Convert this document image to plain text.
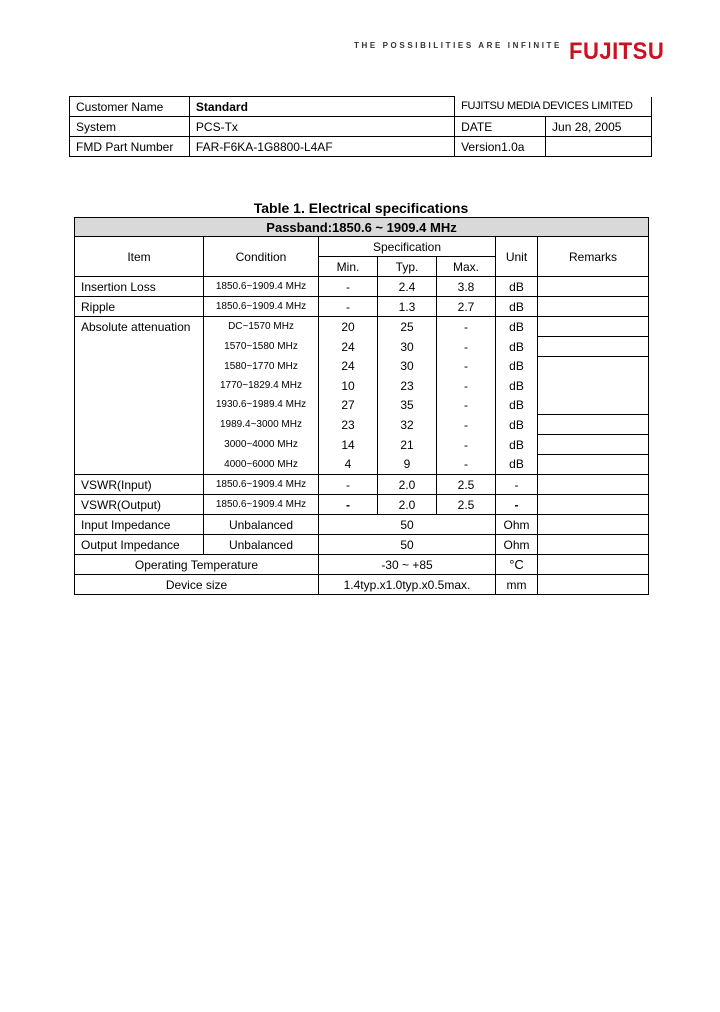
THE POSSIBILITIES ARE INFINITE FUJITSU
Customer Name	Standard	FUJITSU MEDIA DEVICES LIMITED	
System	PCS-Tx	DATE	Jun 28, 2005
FMD Part Number	FAR-F6KA-1G8800-L4AF	Version1.0a	
Table 1. Electrical specifications
Passband:1850.6 ~ 1909.4 MHz						
Item	Condition	Specification			Unit	Remarks
		Min.	Typ.	Max.		
Insertion Loss	1850.6~1909.4 MHz	-	2.4	3.8	dB	
Ripple	1850.6~1909.4 MHz	-	1.3	2.7	dB	
Absolute attenuation	DC~1570 MHz	20	25	-	dB	
	1570~1580 MHz	24	30	-	dB	
	1580~1770 MHz	24	30	-	dB	
	1770~1829.4 MHz	10	23	-	dB	
	1930.6~1989.4 MHz	27	35	-	dB	
	1989.4~3000 MHz	23	32	-	dB	
	3000~4000 MHz	14	21	-	dB	
	4000~6000 MHz	4	9	-	dB	
VSWR(Input)	1850.6~1909.4 MHz	-	2.0	2.5	-	
VSWR(Output)	1850.6~1909.4 MHz	-	2.0	2.5	-	
Input Impedance	Unbalanced	50			Ohm	
Output Impedance	Unbalanced	50			Ohm	
Operating Temperature		-30 ~ +85			°C	
Device size		1.4typ.x1.0typ.x0.5max.			mm	
